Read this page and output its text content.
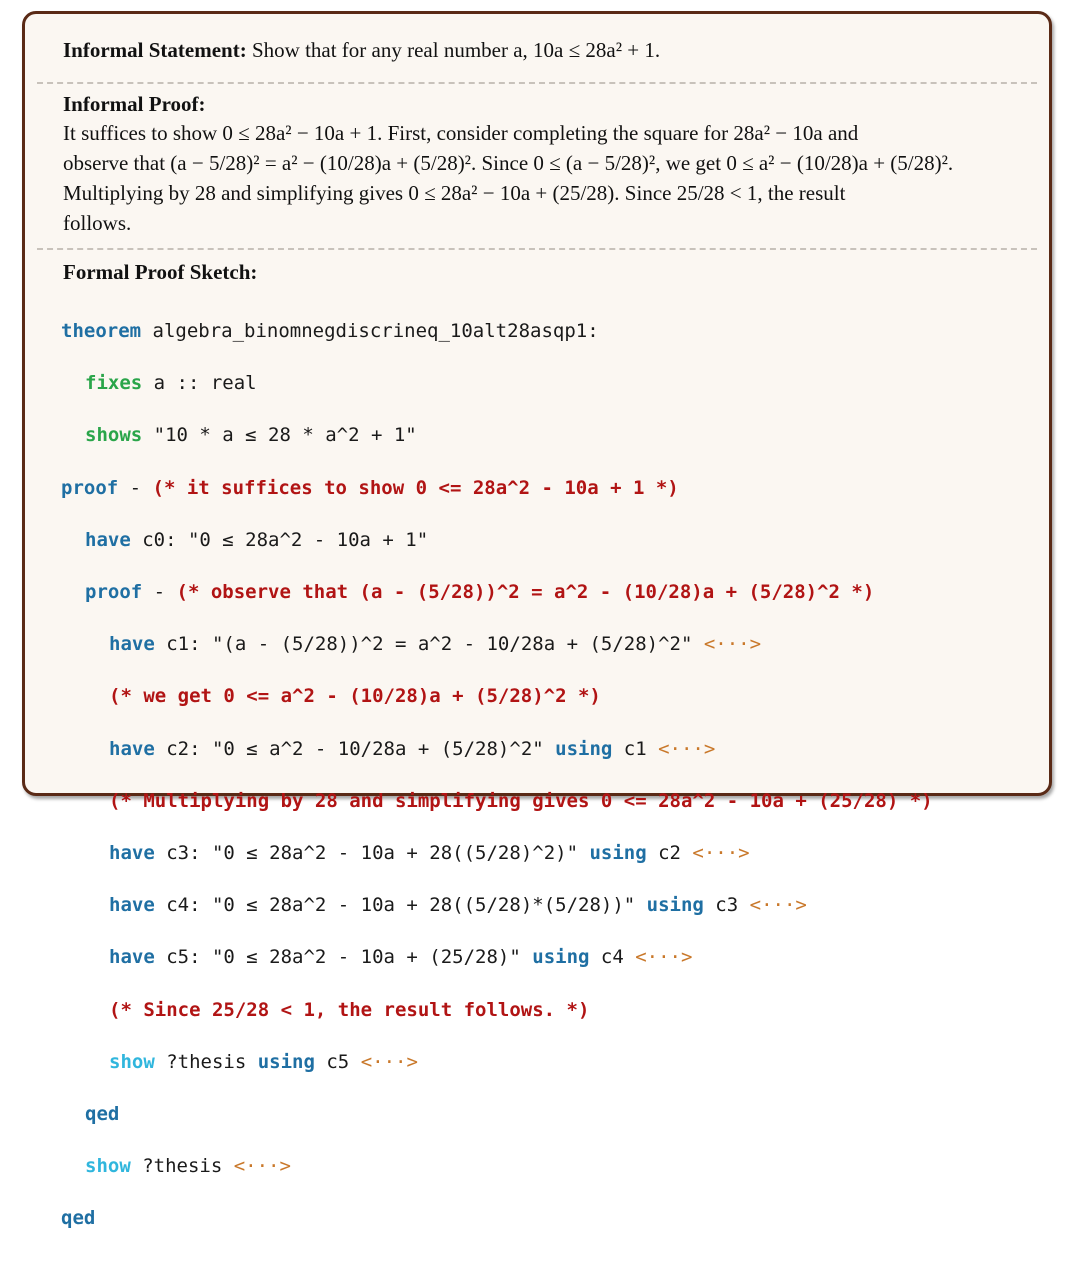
Informal Statement: Show that for any real number a, 10a ≤ 28a² + 1.
Informal Proof:
It suffices to show 0 ≤ 28a² − 10a + 1. First, consider completing the square for 28a² − 10a and
observe that (a − 5/28)² = a² − (10/28)a + (5/28)². Since 0 ≤ (a − 5/28)², we get 0 ≤ a² − (10/28)a + (5/28)².
Multiplying by 28 and simplifying gives 0 ≤ 28a² − 10a + (25/28). Since 25/28 < 1, the result
follows.
Formal Proof Sketch:

theorem algebra_binomnegdiscrineq_10alt28asqp1:

fixes a :: real

shows "10 * a ≤ 28 * a^2 + 1"

proof - (* it suffices to show 0 <= 28a^2 - 10a + 1 *)

have c0: "0 ≤ 28a^2 - 10a + 1"

proof - (* observe that (a - (5/28))^2 = a^2 - (10/28)a + (5/28)^2 *)

have c1: "(a - (5/28))^2 = a^2 - 10/28a + (5/28)^2" <···>

(* we get 0 <= a^2 - (10/28)a + (5/28)^2 *)

have c2: "0 ≤ a^2 - 10/28a + (5/28)^2" using c1 <···>

(* Multiplying by 28 and simplifying gives 0 <= 28a^2 - 10a + (25/28) *)

have c3: "0 ≤ 28a^2 - 10a + 28((5/28)^2)" using c2 <···>

have c4: "0 ≤ 28a^2 - 10a + 28((5/28)*(5/28))" using c3 <···>

have c5: "0 ≤ 28a^2 - 10a + (25/28)" using c4 <···>

(* Since 25/28 < 1, the result follows. *)

show ?thesis using c5 <···>

qed

show ?thesis <···>

qed
